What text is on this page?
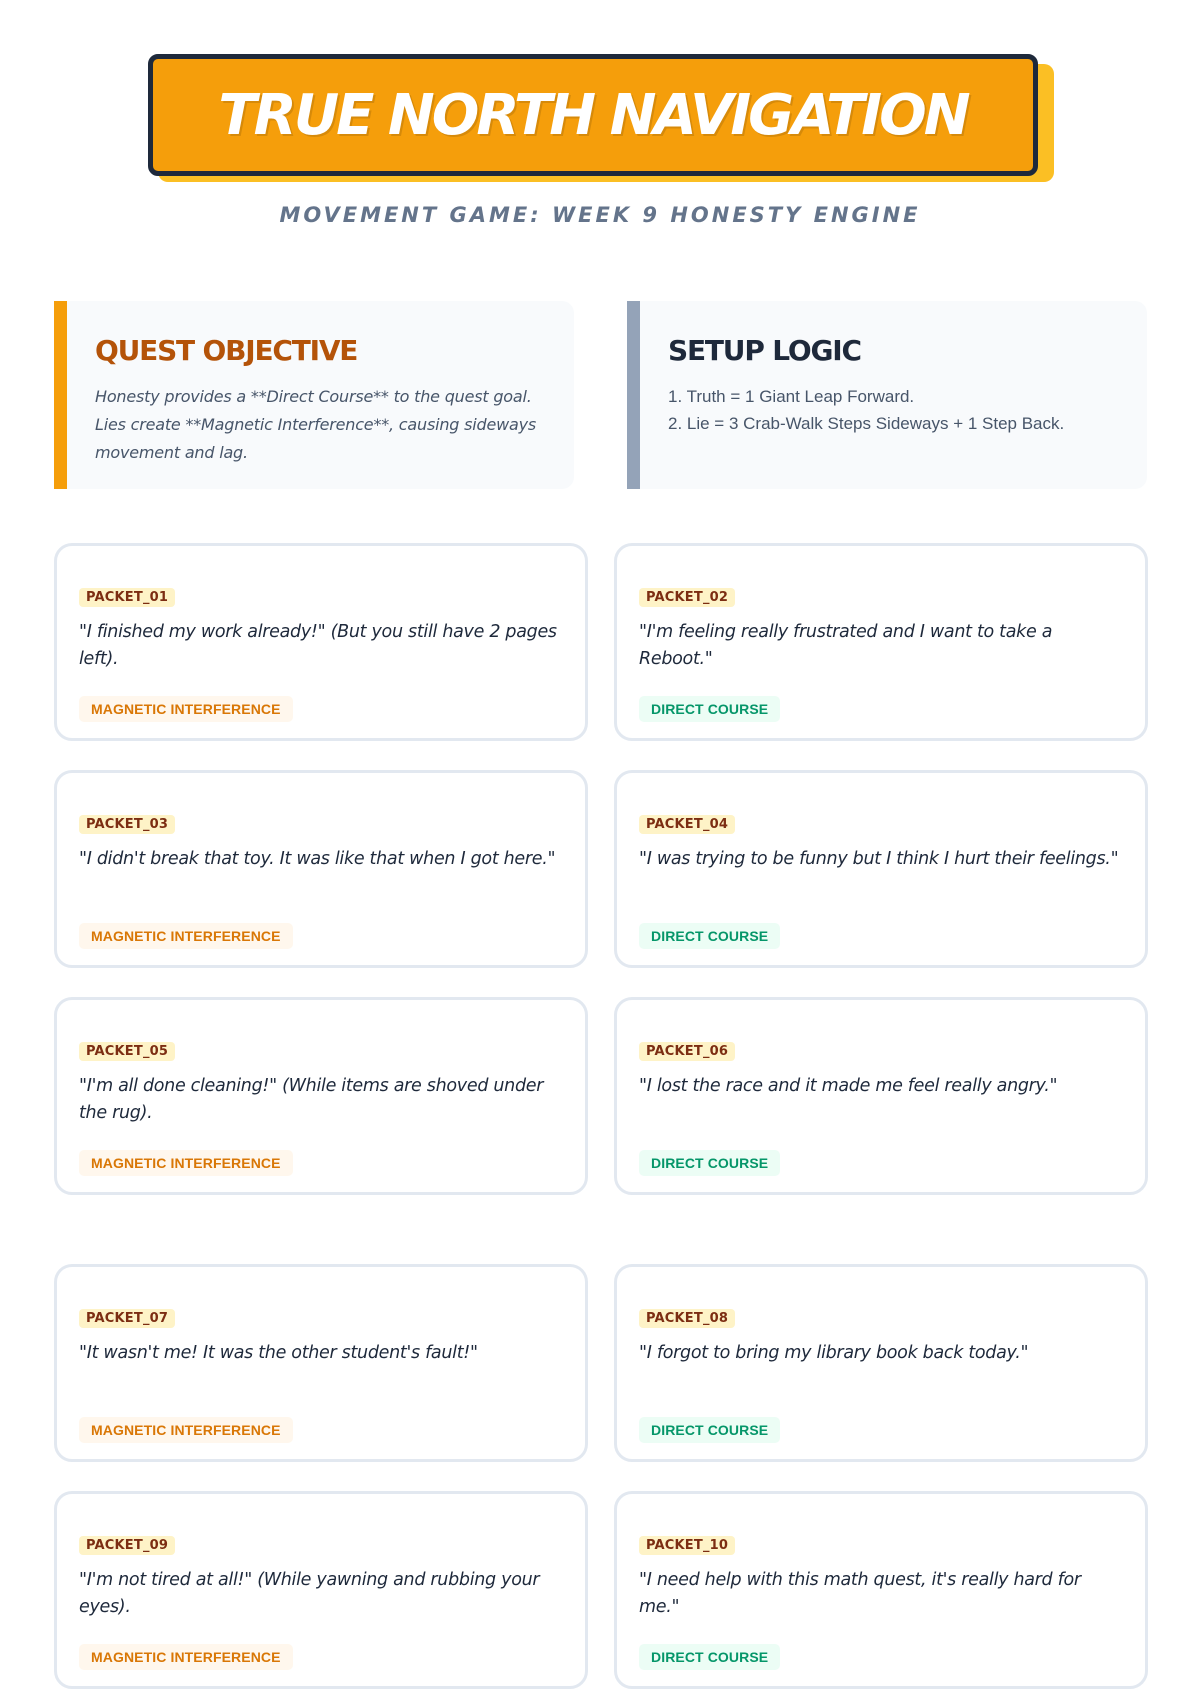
TRUE NORTH NAVIGATION
MOVEMENT GAME: WEEK 9 HONESTY ENGINE
QUEST OBJECTIVE
Honesty provides a **Direct Course** to the quest goal. Lies create **Magnetic Interference**, causing sideways movement and lag.
SETUP LOGIC
1. Truth = 1 Giant Leap Forward.
2. Lie = 3 Crab-Walk Steps Sideways + 1 Step Back.
PACKET_01
"I finished my work already!" (But you still have 2 pages left).
MAGNETIC INTERFERENCE
PACKET_02
"I'm feeling really frustrated and I want to take a Reboot."
DIRECT COURSE
PACKET_03
"I didn't break that toy. It was like that when I got here."
MAGNETIC INTERFERENCE
PACKET_04
"I was trying to be funny but I think I hurt their feelings."
DIRECT COURSE
PACKET_05
"I'm all done cleaning!" (While items are shoved under the rug).
MAGNETIC INTERFERENCE
PACKET_06
"I lost the race and it made me feel really angry."
DIRECT COURSE
PACKET_07
"It wasn't me! It was the other student's fault!"
MAGNETIC INTERFERENCE
PACKET_08
"I forgot to bring my library book back today."
DIRECT COURSE
PACKET_09
"I'm not tired at all!" (While yawning and rubbing your eyes).
MAGNETIC INTERFERENCE
PACKET_10
"I need help with this math quest, it's really hard for me."
DIRECT COURSE
